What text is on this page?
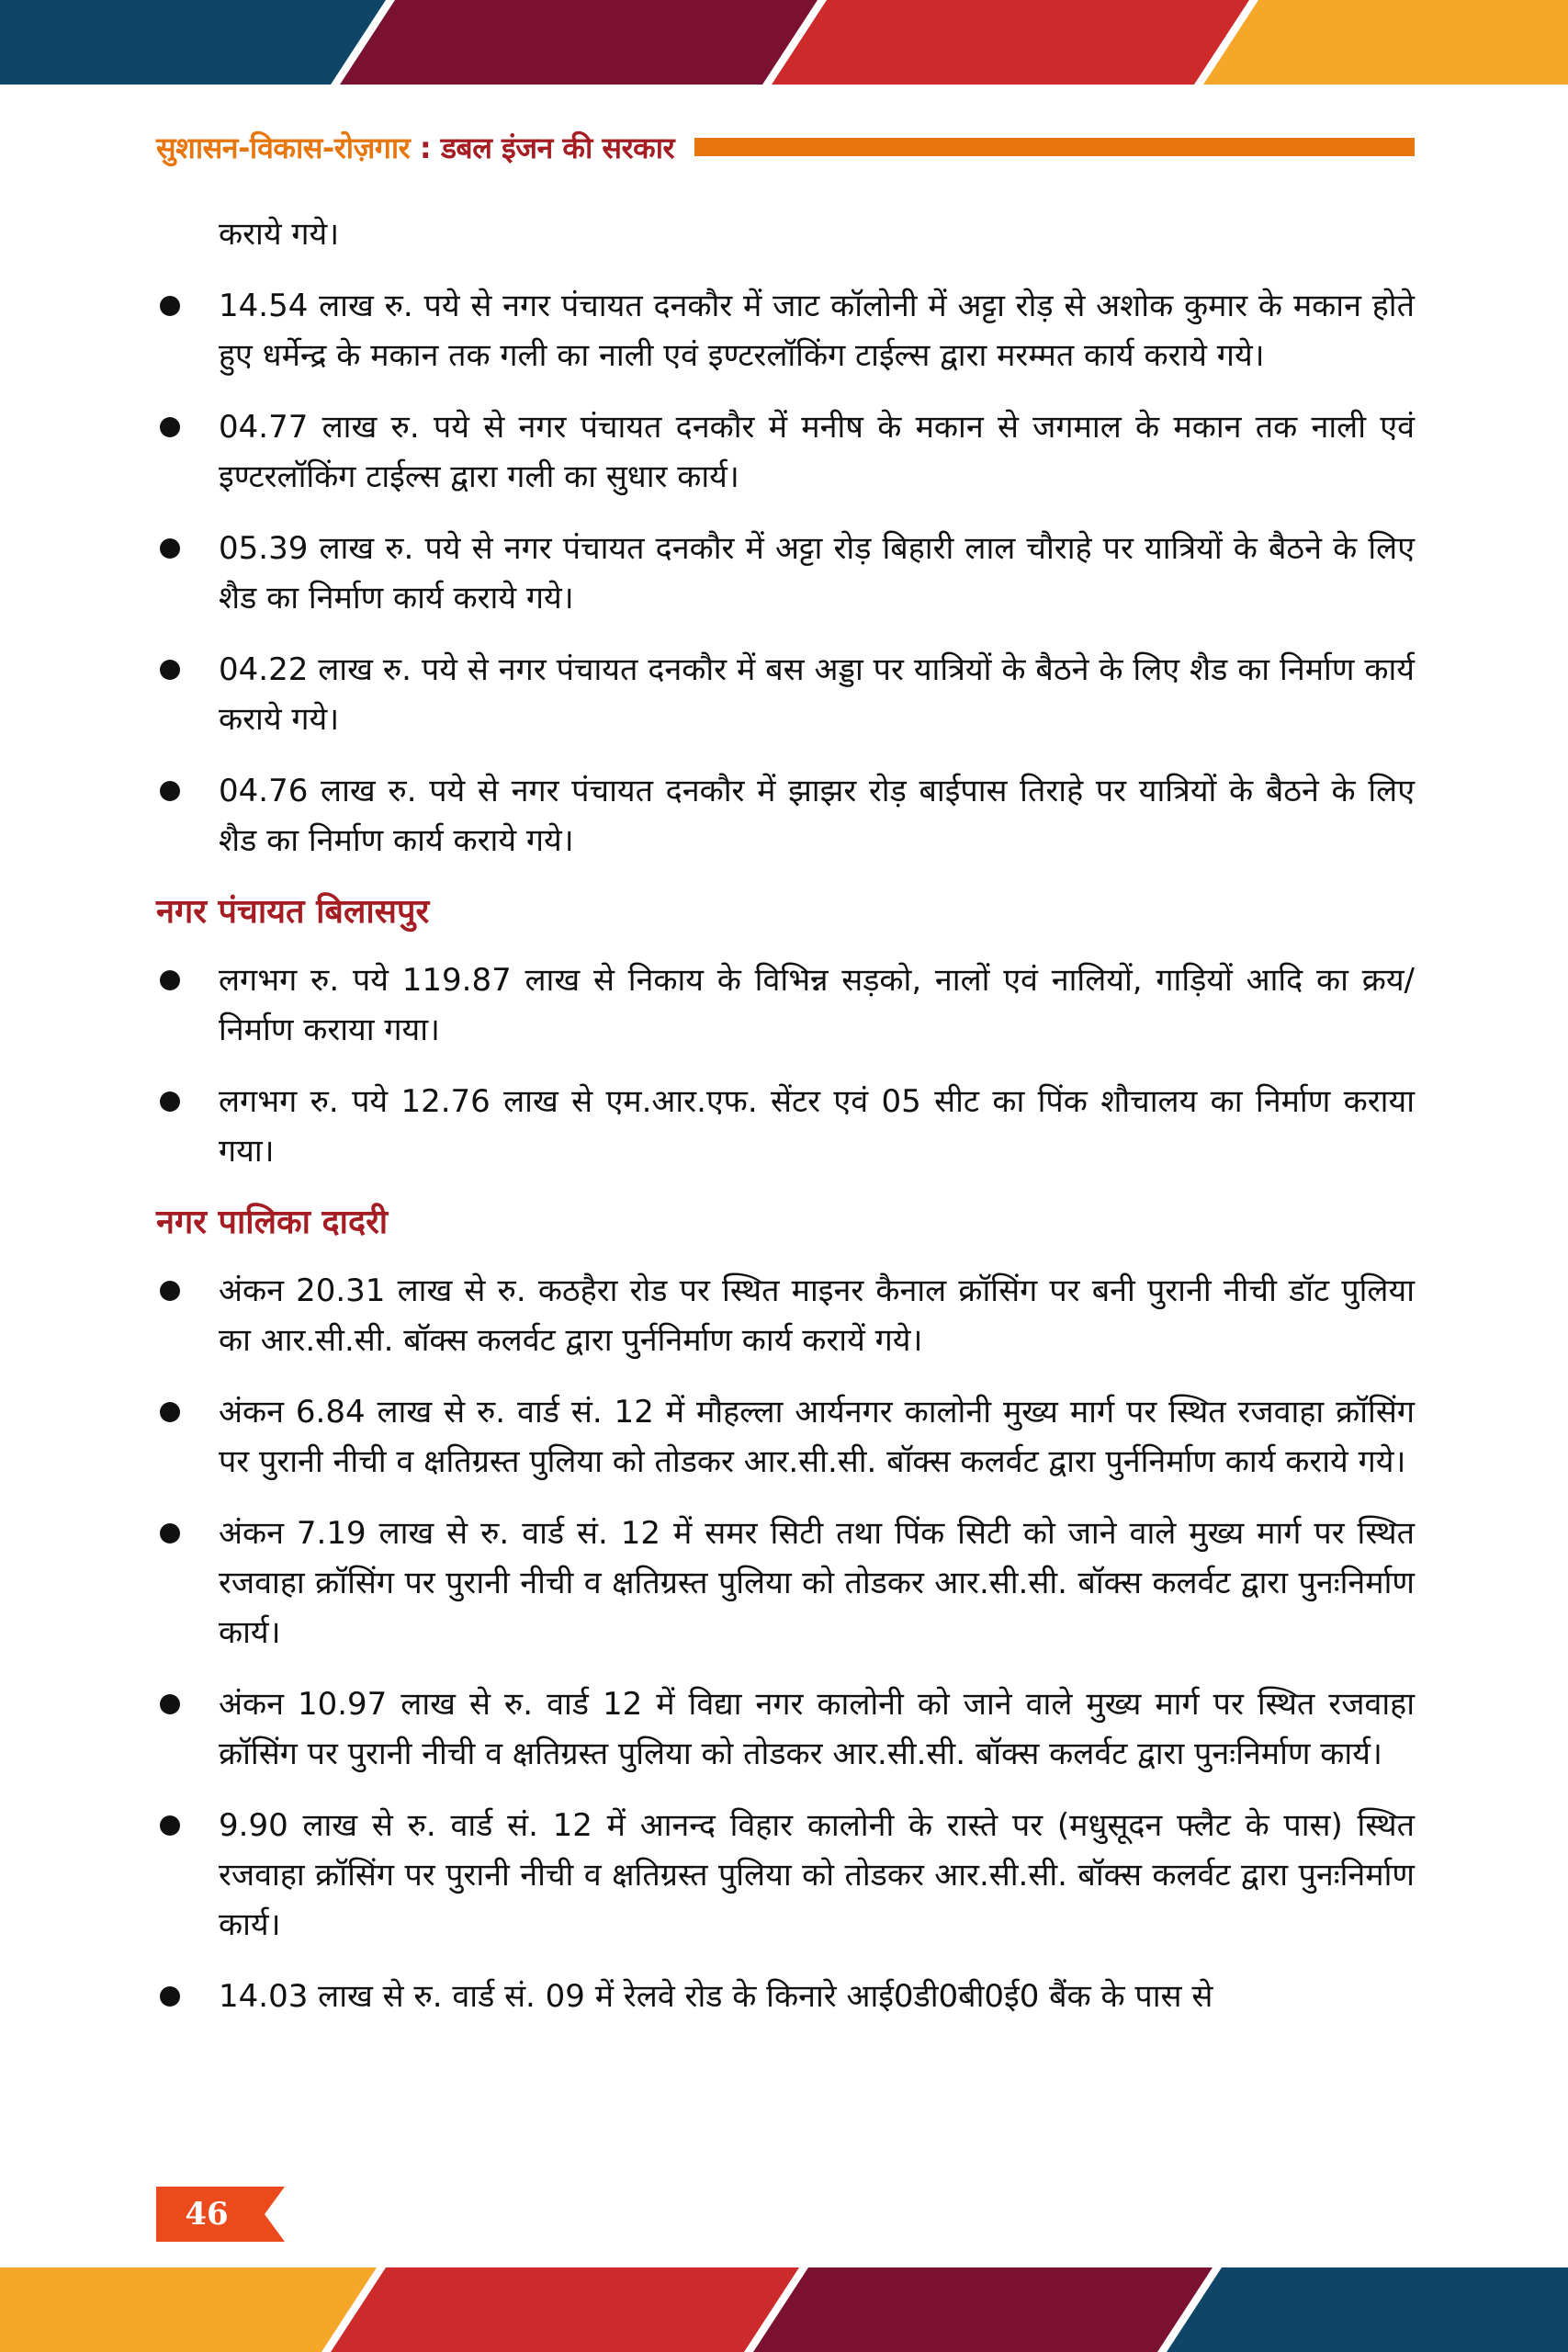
सुशासन-विकास-रोज़गार : डबल इंजन की सरकार
कराये गये।
14.54 लाख रु. पये से नगर पंचायत दनकौर में जाट कॉलोनी में अट्टा रोड़ से अशोक कुमार के मकान होते हुए धर्मेन्द्र के मकान तक गली का नाली एवं इण्टरलॉकिंग टाईल्स द्वारा मरम्मत कार्य कराये गये।
04.77 लाख रु. पये से नगर पंचायत दनकौर में मनीष के मकान से जगमाल के मकान तक नाली एवं इण्टरलॉकिंग टाईल्स द्वारा गली का सुधार कार्य।
05.39 लाख रु. पये से नगर पंचायत दनकौर में अट्टा रोड़ बिहारी लाल चौराहे पर यात्रियों के बैठने के लिए शैड का निर्माण कार्य कराये गये।
04.22 लाख रु. पये से नगर पंचायत दनकौर में बस अड्डा पर यात्रियों के बैठने के लिए शैड का निर्माण कार्य कराये गये।
04.76 लाख रु. पये से नगर पंचायत दनकौर में झाझर रोड़ बाईपास तिराहे पर यात्रियों के बैठने के लिए शैड का निर्माण कार्य कराये गये।
नगर पंचायत बिलासपुर
लगभग रु. पये 119.87 लाख से निकाय के विभिन्न सड़को, नालों एवं नालियों, गाड़ियों आदि का क्रय/निर्माण कराया गया।
लगभग रु. पये 12.76 लाख से एम.आर.एफ. सेंटर एवं 05 सीट का पिंक शौचालय का निर्माण कराया गया।
नगर पालिका दादरी
अंकन 20.31 लाख से रु. कठहैरा रोड पर स्थित माइनर कैनाल क्रॉसिंग पर बनी पुरानी नीची डॉट पुलिया का आर.सी.सी. बॉक्स कलर्वट द्वारा पुर्ननिर्माण कार्य करायें गये।
अंकन 6.84 लाख से रु. वार्ड सं. 12 में मौहल्ला आर्यनगर कालोनी मुख्य मार्ग पर स्थित रजवाहा क्रॉसिंग पर पुरानी नीची व क्षतिग्रस्त पुलिया को तोडकर आर.सी.सी. बॉक्स कलर्वट द्वारा पुर्ननिर्माण कार्य कराये गये।
अंकन 7.19 लाख से रु. वार्ड सं. 12 में समर सिटी तथा पिंक सिटी को जाने वाले मुख्य मार्ग पर स्थित रजवाहा क्रॉसिंग पर पुरानी नीची व क्षतिग्रस्त पुलिया को तोडकर आर.सी.सी. बॉक्स कलर्वट द्वारा पुनःनिर्माण कार्य।
अंकन 10.97 लाख से रु. वार्ड 12 में विद्या नगर कालोनी को जाने वाले मुख्य मार्ग पर स्थित रजवाहा क्रॉसिंग पर पुरानी नीची व क्षतिग्रस्त पुलिया को तोडकर आर.सी.सी. बॉक्स कलर्वट द्वारा पुनःनिर्माण कार्य।
9.90 लाख से रु. वार्ड सं. 12 में आनन्द विहार कालोनी के रास्ते पर (मधुसूदन फ्लैट के पास) स्थित रजवाहा क्रॉसिंग पर पुरानी नीची व क्षतिग्रस्त पुलिया को तोडकर आर.सी.सी. बॉक्स कलर्वट द्वारा पुनःनिर्माण कार्य।
14.03 लाख से रु. वार्ड सं. 09 में रेलवे रोड के किनारे आई0डी0बी0ई0 बैंक के पास से
46
